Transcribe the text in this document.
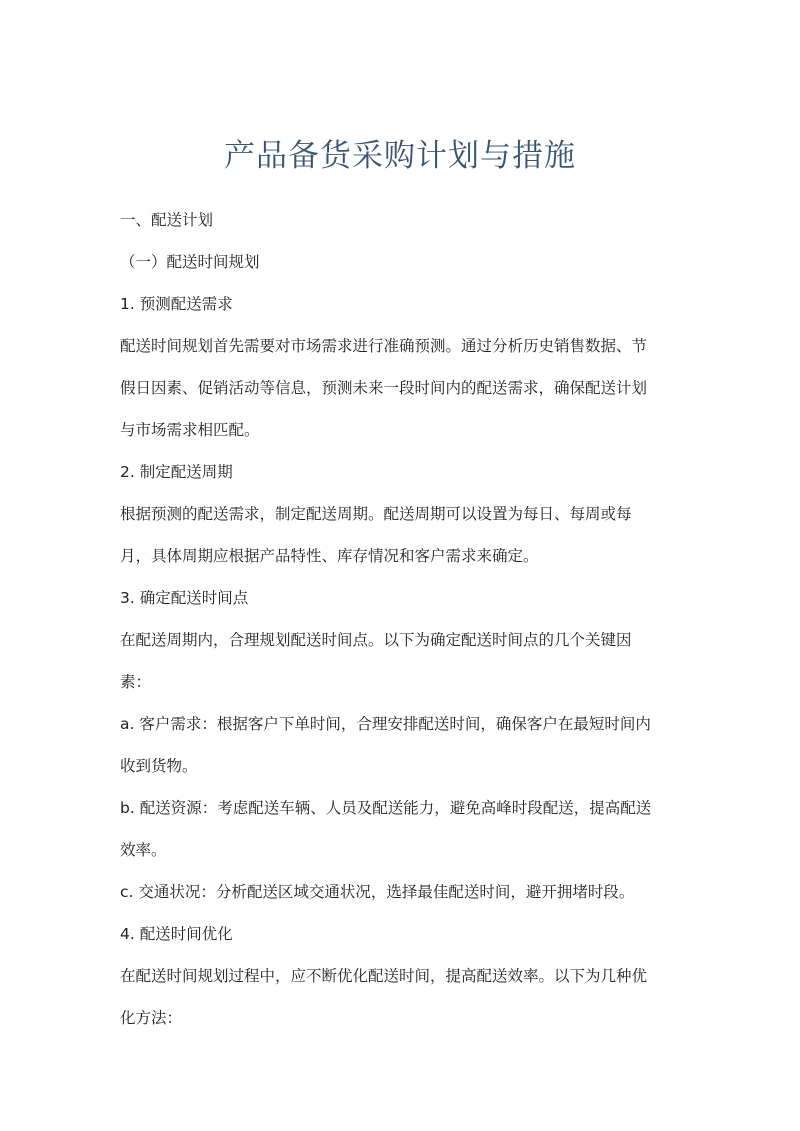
产品备货采购计划与措施
一、配送计划
（一）配送时间规划
1. 预测配送需求
配送时间规划首先需要对市场需求进行准确预测。通过分析历史销售数据、节
假日因素、促销活动等信息，预测未来一段时间内的配送需求，确保配送计划
与市场需求相匹配。
2. 制定配送周期
根据预测的配送需求，制定配送周期。配送周期可以设置为每日、每周或每
月，具体周期应根据产品特性、库存情况和客户需求来确定。
3. 确定配送时间点
在配送周期内，合理规划配送时间点。以下为确定配送时间点的几个关键因
素：
a. 客户需求：根据客户下单时间，合理安排配送时间，确保客户在最短时间内
收到货物。
b. 配送资源：考虑配送车辆、人员及配送能力，避免高峰时段配送，提高配送
效率。
c. 交通状况：分析配送区域交通状况，选择最佳配送时间，避开拥堵时段。
4. 配送时间优化
在配送时间规划过程中，应不断优化配送时间，提高配送效率。以下为几种优
化方法：
